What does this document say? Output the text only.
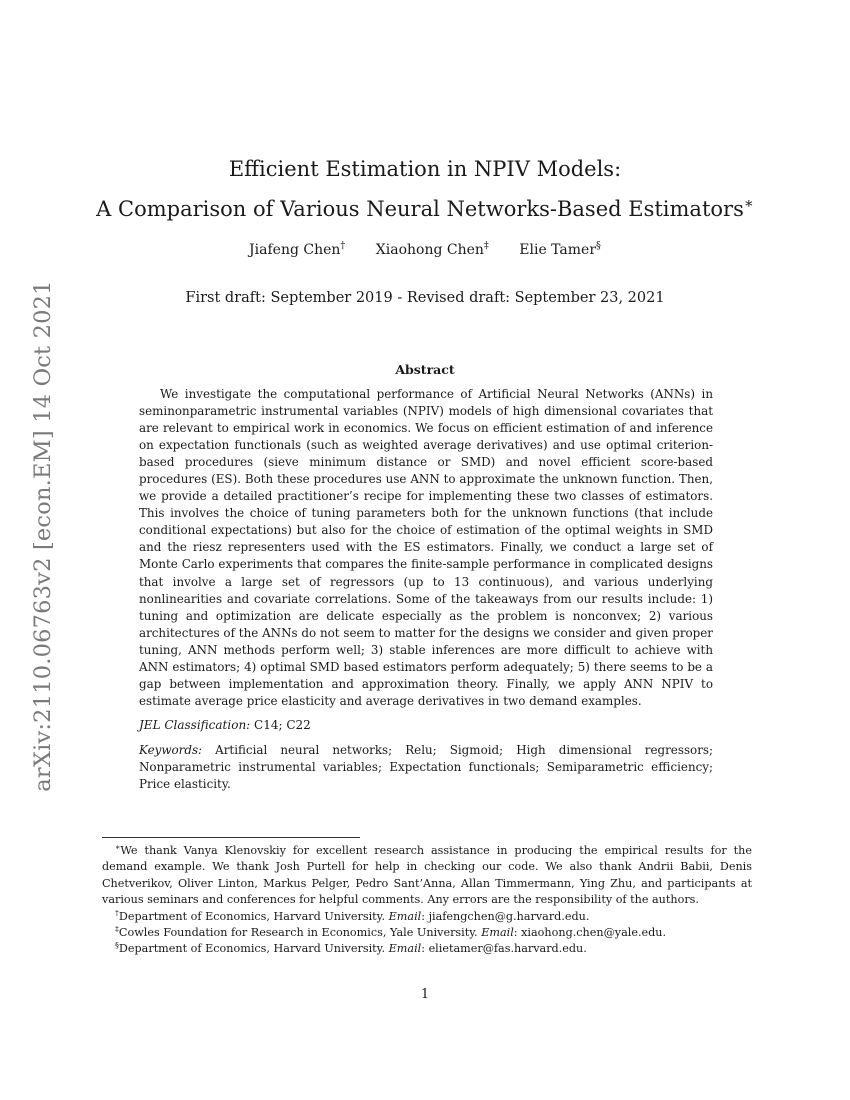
arXiv:2110.06763v2 [econ.EM] 14 Oct 2021
Efficient Estimation in NPIV Models:
A Comparison of Various Neural Networks-Based Estimators∗
Jiafeng Chen† Xiaohong Chen‡ Elie Tamer§
First draft: September 2019 - Revised draft: September 23, 2021
Abstract

We investigate the computational performance of Artificial Neural Networks (ANNs) in seminonparametric instrumental variables (NPIV) models of high dimensional covariates that are relevant to empirical work in economics. We focus on efficient estimation of and inference on expectation functionals (such as weighted average derivatives) and use optimal criterion-based procedures (sieve minimum distance or SMD) and novel efficient score-based procedures (ES). Both these procedures use ANN to approximate the unknown function. Then, we provide a detailed practitioner’s recipe for implementing these two classes of estimators. This involves the choice of tuning parameters both for the unknown functions (that include conditional expectations) but also for the choice of estimation of the optimal weights in SMD and the riesz representers used with the ES estimators. Finally, we conduct a large set of Monte Carlo experiments that compares the finite-sample performance in complicated designs that involve a large set of regressors (up to 13 continuous), and various underlying nonlinearities and covariate correlations. Some of the takeaways from our results include: 1) tuning and optimization are delicate especially as the problem is nonconvex; 2) various architectures of the ANNs do not seem to matter for the designs we consider and given proper tuning, ANN methods perform well; 3) stable inferences are more difficult to achieve with ANN estimators; 4) optimal SMD based estimators perform adequately; 5) there seems to be a gap between implementation and approximation theory. Finally, we apply ANN NPIV to estimate average price elasticity and average derivatives in two demand examples.

JEL Classification: C14; C22

Keywords: Artificial neural networks; Relu; Sigmoid; High dimensional regressors; Nonparametric instrumental variables; Expectation functionals; Semiparametric efficiency; Price elasticity.

∗We thank Vanya Klenovskiy for excellent research assistance in producing the empirical results for the demand example. We thank Josh Purtell for help in checking our code. We also thank Andrii Babii, Denis Chetverikov, Oliver Linton, Markus Pelger, Pedro Sant’Anna, Allan Timmermann, Ying Zhu, and participants at various seminars and conferences for helpful comments. Any errors are the responsibility of the authors.

†Department of Economics, Harvard University. Email: jiafengchen@g.harvard.edu.

‡Cowles Foundation for Research in Economics, Yale University. Email: xiaohong.chen@yale.edu.

§Department of Economics, Harvard University. Email: elietamer@fas.harvard.edu.

1
